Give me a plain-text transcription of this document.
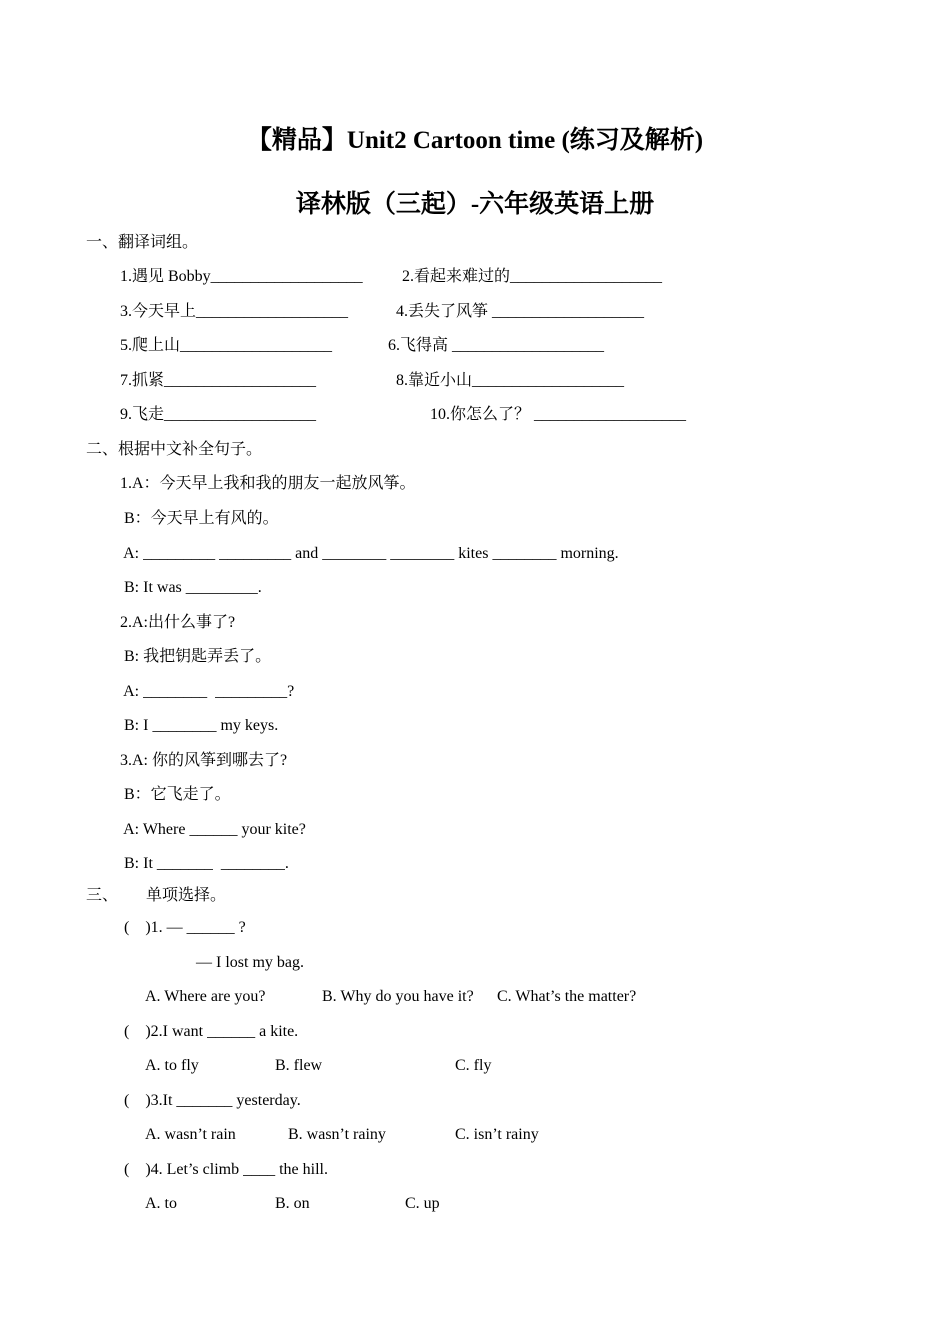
【精品】Unit2 Cartoon time (练习及解析)
译林版（三起）-六年级英语上册
一、翻译词组。
1.遇见 Bobby___________________ 2.看起来难过的___________________
3.今天早上___________________	4.丢失了风筝 ___________________
5.爬上山___________________	6.飞得高 ___________________
7.抓紧___________________	8.靠近小山___________________
9.飞走___________________	10.你怎么了？ ___________________
二、根据中文补全句子。
1.A：今天早上我和我的朋友一起放风筝。
B：今天早上有风的。
A: _________ _________ and ________ ________ kites ________ morning.
B: It was _________.
2.A:出什么事了?
B: 我把钥匙弄丢了。
A: ________  _________?
B: I ________ my keys.
3.A: 你的风筝到哪去了?
B：它飞走了。
A: Where ______ your kite?
B: It _______  ________.
三、       单项选择。
(    )1. — ______ ?
— I lost my bag.
A. Where are you?	B. Why do you have it? C. What’s the matter?
(    )2.I want ______ a kite.
A. to fly	B. flew	C. fly
(    )3.It _______ yesterday.
A. wasn’t rain	B. wasn’t rainy	C. isn’t rainy
(    )4. Let’s climb ____ the hill.
A. to	B. on	C. up
